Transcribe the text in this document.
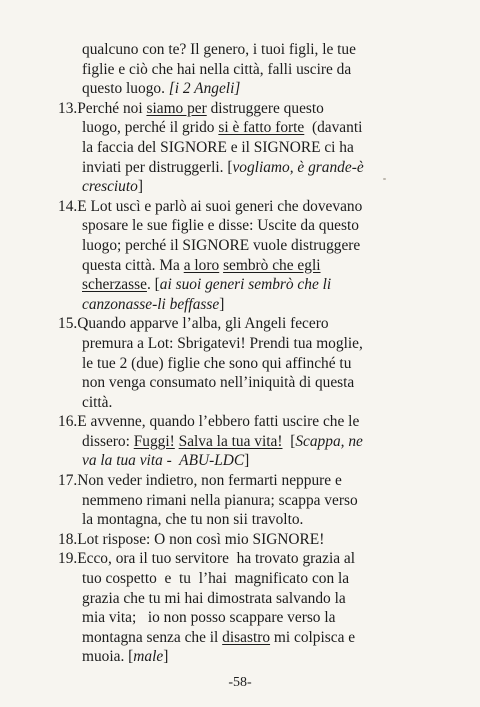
qualcuno con te? Il genero, i tuoi figli, le tue
figlie e ciò che hai nella città, falli uscire da
questo luogo. [i 2 Angeli]
13.Perché noi siamo per distruggere questo
luogo, perché il grido si è fatto forte  (davanti
la faccia del SIGNORE e il SIGNORE ci ha
inviati per distruggerli. [vogliamo, è grande-è
cresciuto]
14.E Lot uscì e parlò ai suoi generi che dovevano
sposare le sue figlie e disse: Uscite da questo
luogo; perché il SIGNORE vuole distruggere
questa città. Ma a loro sembrò che egli
scherzasse. [ai suoi generi sembrò che li
canzonasse-li beffasse]
15.Quando apparve l’alba, gli Angeli fecero
premura a Lot: Sbrigatevi! Prendi tua moglie,
le tue 2 (due) figlie che sono qui affinché tu
non venga consumato nell’iniquità di questa
città.
16.E avvenne, quando l’ebbero fatti uscire che le
dissero: Fuggi! Salva la tua vita!  [Scappa, ne
va la tua vita -  ABU-LDC]
17.Non veder indietro, non fermarti neppure e
nemmeno rimani nella pianura; scappa verso
la montagna, che tu non sii travolto.
18.Lot rispose: O non così mio SIGNORE!
19.Ecco, ora il tuo servitore  ha trovato grazia al
tuo cospetto  e  tu  l’hai  magnificato con la
grazia che tu mi hai dimostrata salvando la
mia vita;   io non posso scappare verso la
montagna senza che il disastro mi colpisca e
muoia. [male]
-58-
